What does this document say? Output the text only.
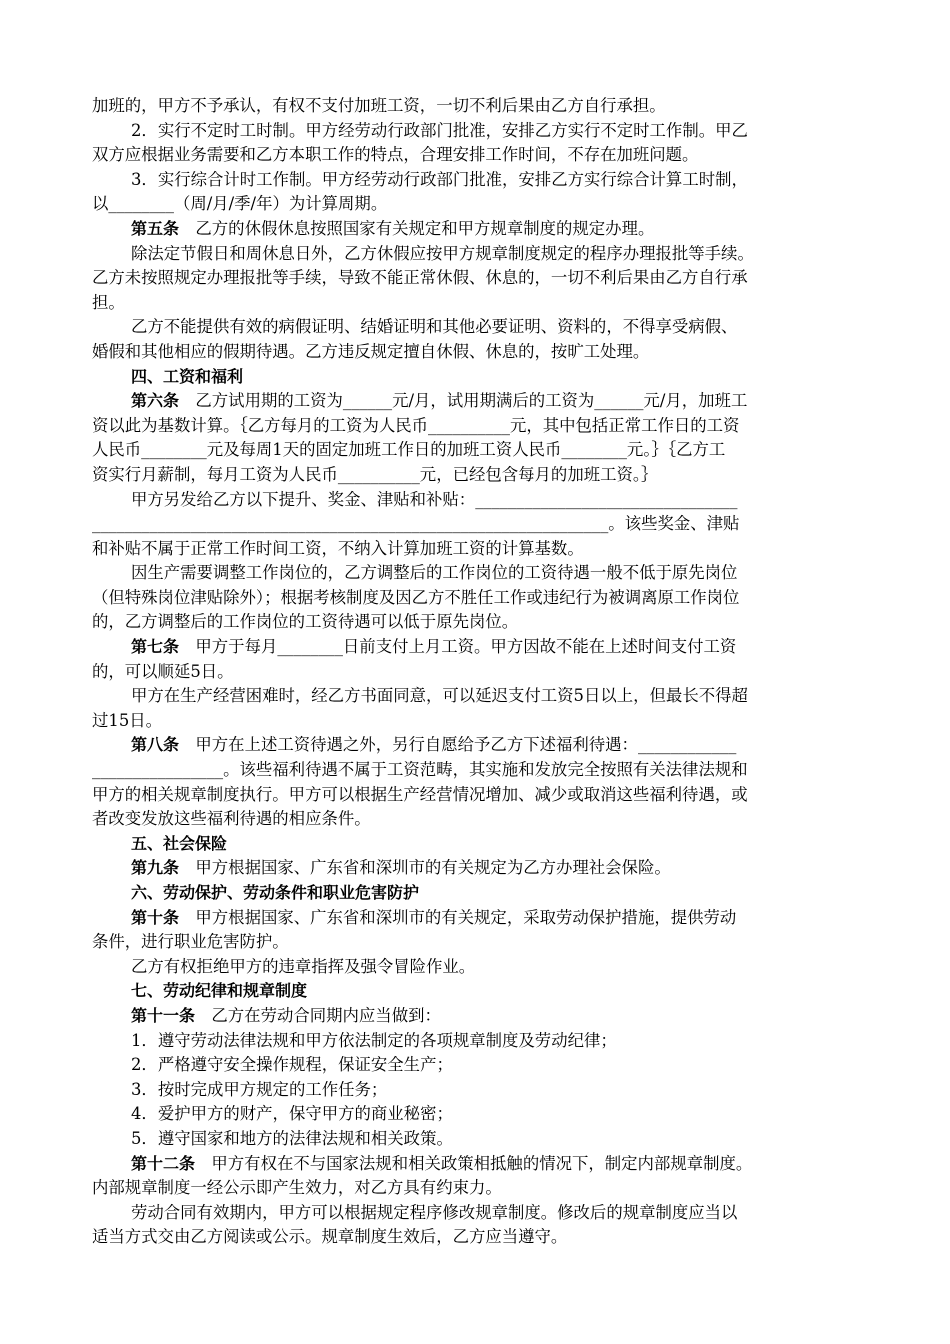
加班的，甲方不予承认，有权不支付加班工资，一切不利后果由乙方自行承担。
2．实行不定时工时制。甲方经劳动行政部门批准，安排乙方实行不定时工作制。甲乙
双方应根据业务需要和乙方本职工作的特点，合理安排工作时间，不存在加班问题。
3．实行综合计时工作制。甲方经劳动行政部门批准，安排乙方实行综合计算工时制，
以________（周/月/季/年）为计算周期。
第五条　 乙方的休假休息按照国家有关规定和甲方规章制度的规定办理。
除法定节假日和周休息日外，乙方休假应按甲方规章制度规定的程序办理报批等手续。
乙方未按照规定办理报批等手续，导致不能正常休假、休息的，一切不利后果由乙方自行承
担。
乙方不能提供有效的病假证明、结婚证明和其他必要证明、资料的，不得享受病假、
婚假和其他相应的假期待遇。乙方违反规定擅自休假、休息的，按旷工处理。
四、工资和福利
第六条　 乙方试用期的工资为______元/月，试用期满后的工资为______元/月，加班工
资以此为基数计算。｛乙方每月的工资为人民币__________元，其中包括正常工作日的工资
人民币________元及每周1天的固定加班工作日的加班工资人民币________元。｝｛乙方工
资实行月薪制，每月工资为人民币__________元，已经包含每月的加班工资。｝
甲方另发给乙方以下提升、奖金、津贴和补贴：________________________________
_______________________________________________________________。该些奖金、津贴
和补贴不属于正常工作时间工资，不纳入计算加班工资的计算基数。
因生产需要调整工作岗位的，乙方调整后的工作岗位的工资待遇一般不低于原先岗位
（但特殊岗位津贴除外）；根据考核制度及因乙方不胜任工作或违纪行为被调离原工作岗位
的，乙方调整后的工作岗位的工资待遇可以低于原先岗位。
第七条　 甲方于每月________日前支付上月工资。甲方因故不能在上述时间支付工资
的，可以顺延5日。
甲方在生产经营困难时，经乙方书面同意，可以延迟支付工资5日以上，但最长不得超
过15日。
第八条　 甲方在上述工资待遇之外，另行自愿给予乙方下述福利待遇：____________
________________。该些福利待遇不属于工资范畴，其实施和发放完全按照有关法律法规和
甲方的相关规章制度执行。甲方可以根据生产经营情况增加、减少或取消这些福利待遇，或
者改变发放这些福利待遇的相应条件。
五、社会保险
第九条　 甲方根据国家、广东省和深圳市的有关规定为乙方办理社会保险。
六、劳动保护、劳动条件和职业危害防护
第十条　 甲方根据国家、广东省和深圳市的有关规定，采取劳动保护措施，提供劳动
条件，进行职业危害防护。
乙方有权拒绝甲方的违章指挥及强令冒险作业。
七、劳动纪律和规章制度
第十一条　 乙方在劳动合同期内应当做到：
1．遵守劳动法律法规和甲方依法制定的各项规章制度及劳动纪律；
2．严格遵守安全操作规程，保证安全生产；
3．按时完成甲方规定的工作任务；
4．爱护甲方的财产，保守甲方的商业秘密；
5．遵守国家和地方的法律法规和相关政策。
第十二条　 甲方有权在不与国家法规和相关政策相抵触的情况下，制定内部规章制度。
内部规章制度一经公示即产生效力，对乙方具有约束力。
劳动合同有效期内，甲方可以根据规定程序修改规章制度。修改后的规章制度应当以
适当方式交由乙方阅读或公示。规章制度生效后，乙方应当遵守。
